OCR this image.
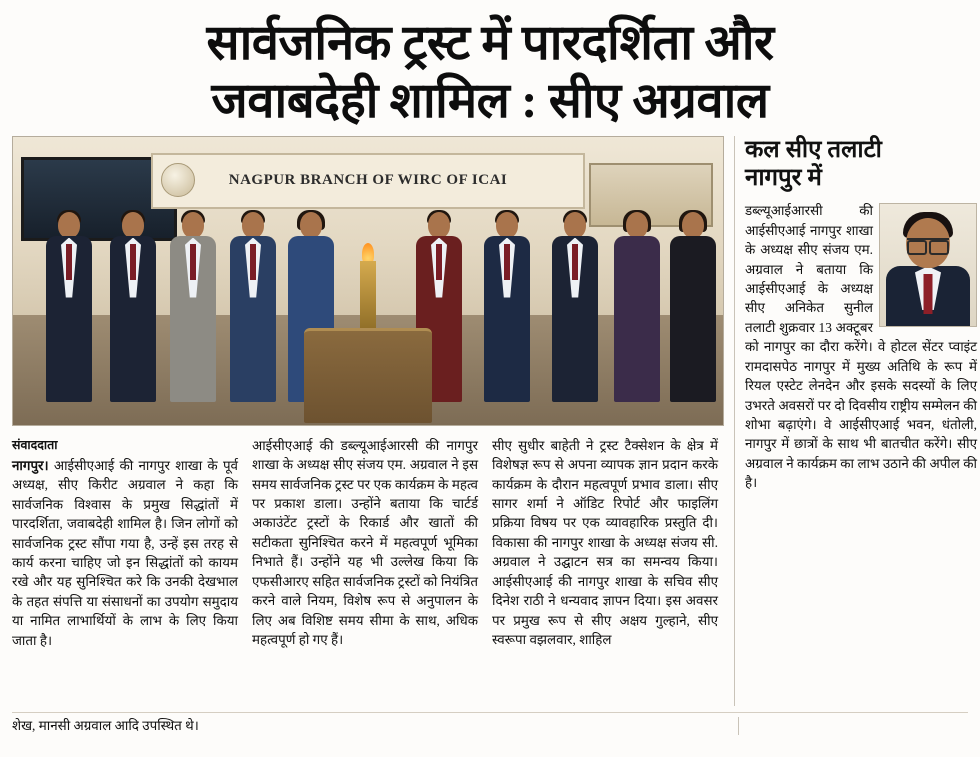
सार्वजनिक ट्रस्ट में पारदर्शिता और
जवाबदेही शामिल : सीए अग्रवाल
NAGPUR BRANCH OF WIRC OF ICAI
संवाददाता

नागपुर। आईसीएआई की नागपुर शाखा के पूर्व अध्यक्ष, सीए किरीट अग्रवाल ने कहा कि सार्वजनिक विश्वास के प्रमुख सिद्धांतों में पारदर्शिता, जवाबदेही शामिल है। जिन लोगों को सार्वजनिक ट्रस्ट सौंपा गया है, उन्हें इस तरह से कार्य करना चाहिए जो इन सिद्धांतों को कायम रखे और यह सुनिश्चित करे कि उनकी देखभाल के तहत संपत्ति या संसाधनों का उपयोग समुदाय या नामित लाभार्थियों के लाभ के लिए किया जाता है।

आईसीएआई की डब्ल्यूआईआरसी की नागपुर शाखा के अध्यक्ष सीए संजय एम. अग्रवाल ने इस समय सार्वजनिक ट्रस्ट पर एक कार्यक्रम के महत्व पर प्रकाश डाला। उन्होंने बताया कि चार्टर्ड अकाउंटेंट ट्रस्टों के रिकार्ड और खातों की सटीकता सुनिश्चित करने में महत्वपूर्ण भूमिका निभाते हैं। उन्होंने यह भी उल्लेख किया कि एफसीआरए सहित सार्वजनिक ट्रस्टों को नियंत्रित करने वाले नियम, विशेष रूप से अनुपालन के लिए अब विशिष्ट समय सीमा के साथ, अधिक महत्वपूर्ण हो गए हैं।

सीए सुधीर बाहेती ने ट्रस्ट टैक्सेशन के क्षेत्र में विशेषज्ञ रूप से अपना व्यापक ज्ञान प्रदान करके कार्यक्रम के दौरान महत्वपूर्ण प्रभाव डाला। सीए सागर शर्मा ने ऑडिट रिपोर्ट और फाइलिंग प्रक्रिया विषय पर एक व्यावहारिक प्रस्तुति दी। विकासा की नागपुर शाखा के अध्यक्ष संजय सी. अग्रवाल ने उद्घाटन सत्र का समन्वय किया। आईसीएआई की नागपुर शाखा के सचिव सीए दिनेश राठी ने धन्यवाद ज्ञापन दिया। इस अवसर पर प्रमुख रूप से सीए अक्षय गुल्हाने, सीए स्वरूपा वझलवार, शाहिल

कल सीए तलाटी
नागपुर में
डब्ल्यूआईआरसी की आईसीएआई नागपुर शाखा के अध्यक्ष सीए संजय एम. अग्रवाल ने बताया कि आईसीएआई के अध्यक्ष सीए अनिकेत सुनील तलाटी शुक्रवार 13 अक्टूबर को नागपुर का दौरा करेंगे। वे होटल सेंटर प्वाइंट रामदासपेठ नागपुर में मुख्य अतिथि के रूप में रियल एस्टेट लेनदेन और इसके सदस्यों के लिए उभरते अवसरों पर दो दिवसीय राष्ट्रीय सम्मेलन की शोभा बढ़ाएंगे। वे आईसीएआई भवन, धंतोली, नागपुर में छात्रों के साथ भी बातचीत करेंगे। सीए अग्रवाल ने कार्यक्रम का लाभ उठाने की अपील की है।
शेख, मानसी अग्रवाल आदि उपस्थित थे।
